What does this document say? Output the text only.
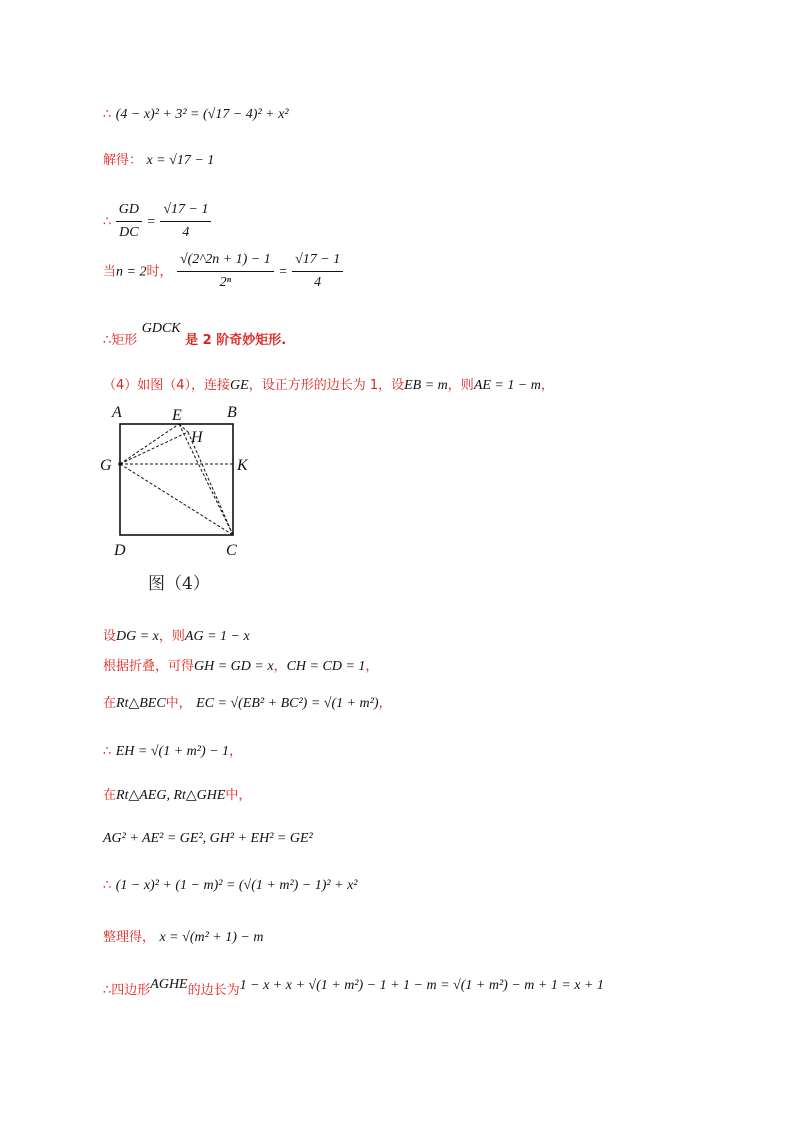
∴ (4 − x)² + 3² = (√17 − 4)² + x²
解得： x = √17 − 1
∴ $\frac{GD}{DC} = \frac{√17 - 1}{4}$
当n = 2时， $\frac{√(2\^{}2n + 1) - 1}{\text{2ⁿ}} = \frac{√17 - 1}{4}$
∴矩形 GDCK 是 2 阶奇妙矩形.
（4）如图（4），连接GE，设正方形的边长为 1，设EB = m，则AE = 1 − m，
A	E	B
H
G	K
D	C
图（4）
设DG = x，则AG = 1 − x
根据折叠，可得GH = GD = x，CH = CD = 1，
在Rt△BEC中， EC = √(EB² + BC²) = √(1 + m²)，
∴ EH = √(1 + m²) − 1，
在Rt△AEG, Rt△GHE中，
AG² + AE² = GE², GH² + EH² = GE²
∴ (1 − x)² + (1 − m)² = (√(1 + m²) − 1)² + x²
整理得， x = √(m² + 1) − m
∴四边形AGHE的边长为1 − x + x + √(1 + m²) − 1 + 1 − m = √(1 + m²) − m + 1 = x + 1
